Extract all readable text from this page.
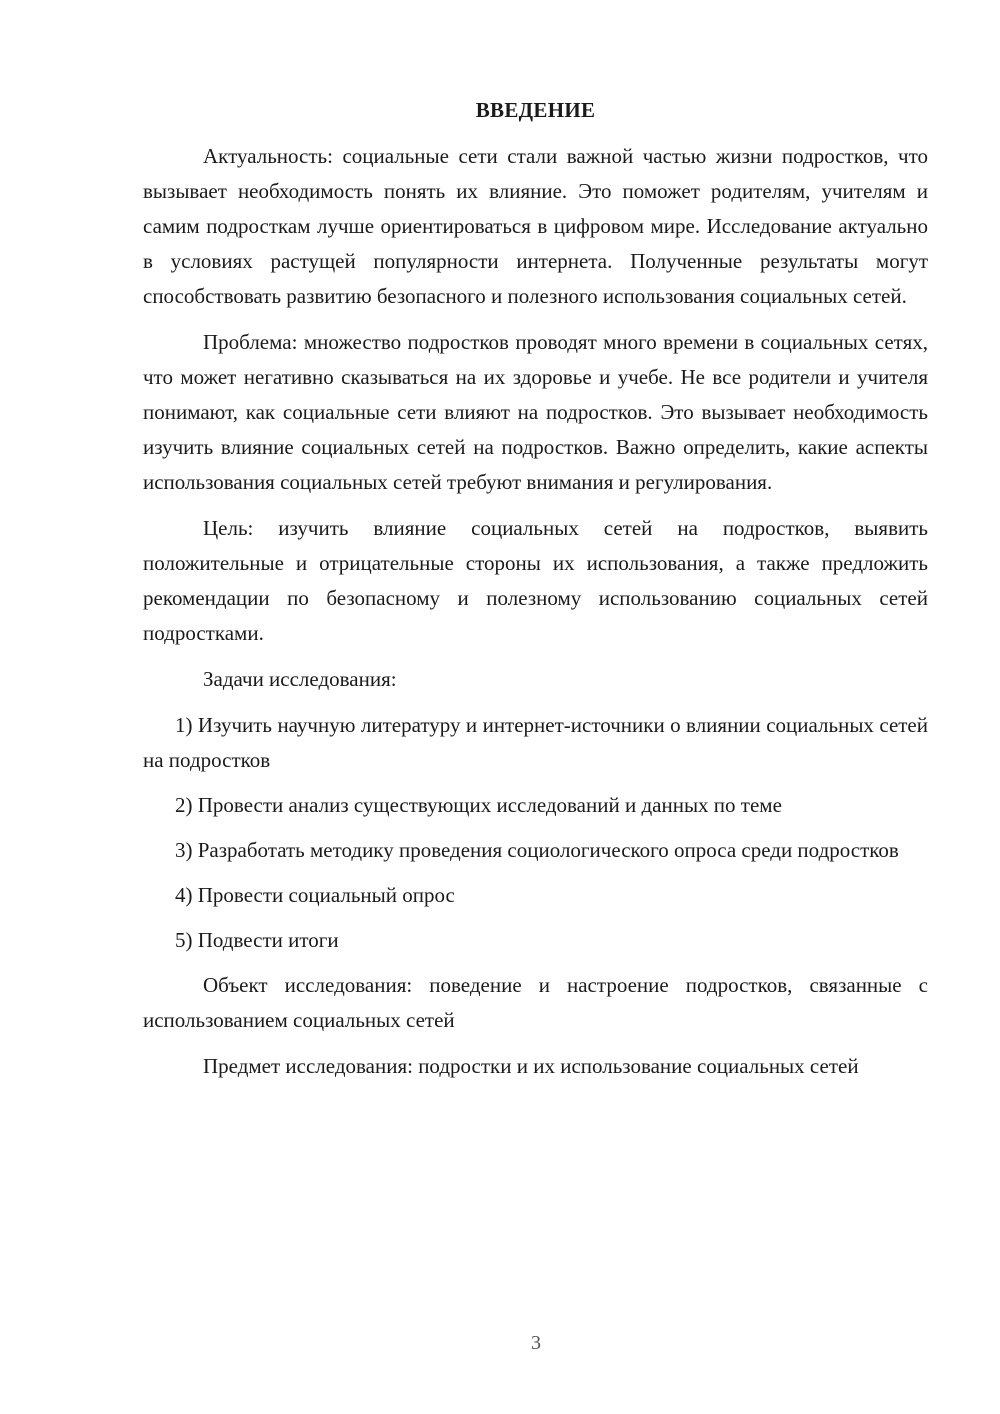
ВВЕДЕНИЕ

Актуальность: социальные сети стали важной частью жизни подростков, что вызывает необходимость понять их влияние. Это поможет родителям, учителям и самим подросткам лучше ориентироваться в цифровом мире. Исследование актуально в условиях растущей популярности интернета. Полученные результаты могут способствовать развитию безопасного и полезного использования социальных сетей.

Проблема: множество подростков проводят много времени в социальных сетях, что может негативно сказываться на их здоровье и учебе. Не все родители и учителя понимают, как социальные сети влияют на подростков. Это вызывает необходимость изучить влияние социальных сетей на подростков. Важно определить, какие аспекты использования социальных сетей требуют внимания и регулирования.

Цель: изучить влияние социальных сетей на подростков, выявить положительные и отрицательные стороны их использования, а также предложить рекомендации по безопасному и полезному использованию социальных сетей подростками.

Задачи исследования:

1) Изучить научную литературу и интернет-источники о влиянии социальных сетей на подростков

2) Провести анализ существующих исследований и данных по теме

3) Разработать методику проведения социологического опроса среди подростков

4) Провести социальный опрос

5) Подвести итоги

Объект исследования: поведение и настроение подростков, связанные с использованием социальных сетей

Предмет исследования: подростки и их использование социальных сетей

3
